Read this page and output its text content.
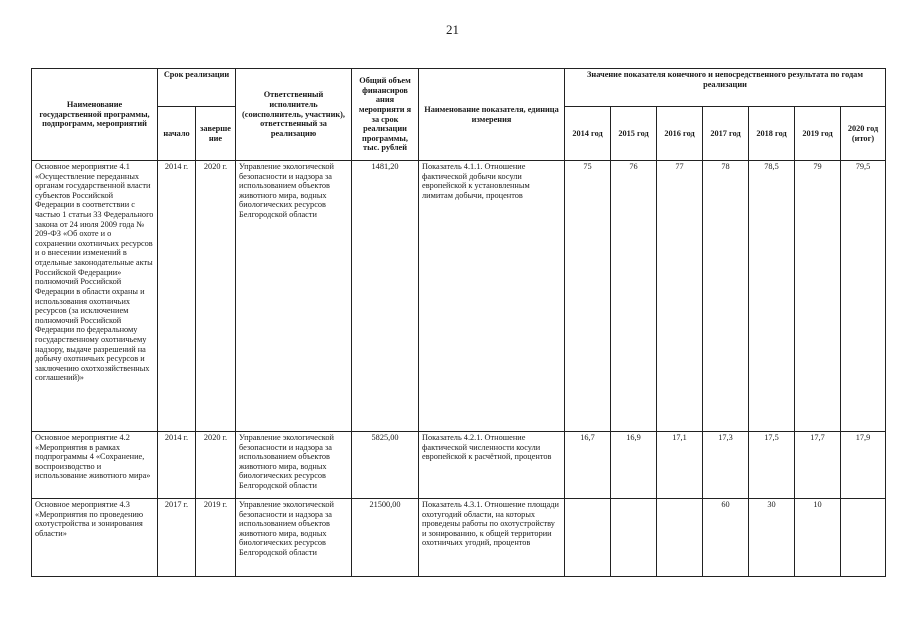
21
Наименование государственной программы, подпрограмм, мероприятий	Срок реализации		Ответственный исполнитель (соисполнитель, участник), ответственный за реализацию	Общий объем финансиров ания мероприяти я за срок реализации программы, тыс. рублей	Наименование показателя, единица измерения	Значение показателя конечного и непосредственного результата по годам реализации						
	начало	заверше ние				2014 год	2015 год	2016 год	2017 год	2018 год	2019 год	2020 год (итог)
Основное мероприятие 4.1 «Осуществление переданных органам государственной власти субъектов Российской Федерации в соответствии с частью 1 статьи 33 Федерального закона от 24 июля 2009 года № 209-ФЗ «Об охоте и о сохранении охотничьих ресурсов и о внесении изменений в отдельные законодательные акты Российской Федерации» полномочий Российской Федерации в области охраны и использования охотничьих ресурсов (за исключением полномочий Российской Федерации по федеральному государственному охотничьему надзору, выдаче разрешений на добычу охотничьих ресурсов и заключению охотхозяйственных соглашений)»	2014 г.	2020 г.	Управление экологической безопасности и надзора за использованием объектов животного мира, водных биологических ресурсов Белгородской области	1481,20	Показатель 4.1.1. Отношение фактической добычи косули европейской к установленным лимитам добычи, процентов	75	76	77	78	78,5	79	79,5
Основное мероприятие 4.2 «Мероприятия в рамках подпрограммы 4 «Сохранение, воспроизводство и использование животного мира»	2014 г.	2020 г.	Управление экологической безопасности и надзора за использованием объектов животного мира, водных биологических ресурсов Белгородской области	5825,00	Показатель 4.2.1. Отношение фактической численности косули европейской к расчётной, процентов	16,7	16,9	17,1	17,3	17,5	17,7	17,9
Основное мероприятие 4.3 «Мероприятия по проведению охотустройства и зонирования области»	2017 г.	2019 г.	Управление экологической безопасности и надзора за использованием объектов животного мира, водных биологических ресурсов Белгородской области	21500,00	Показатель 4.3.1. Отношение площади охотугодий области, на которых проведены работы по охотустройству и зонированию, к общей территории охотничьих угодий, процентов				60	30	10	
